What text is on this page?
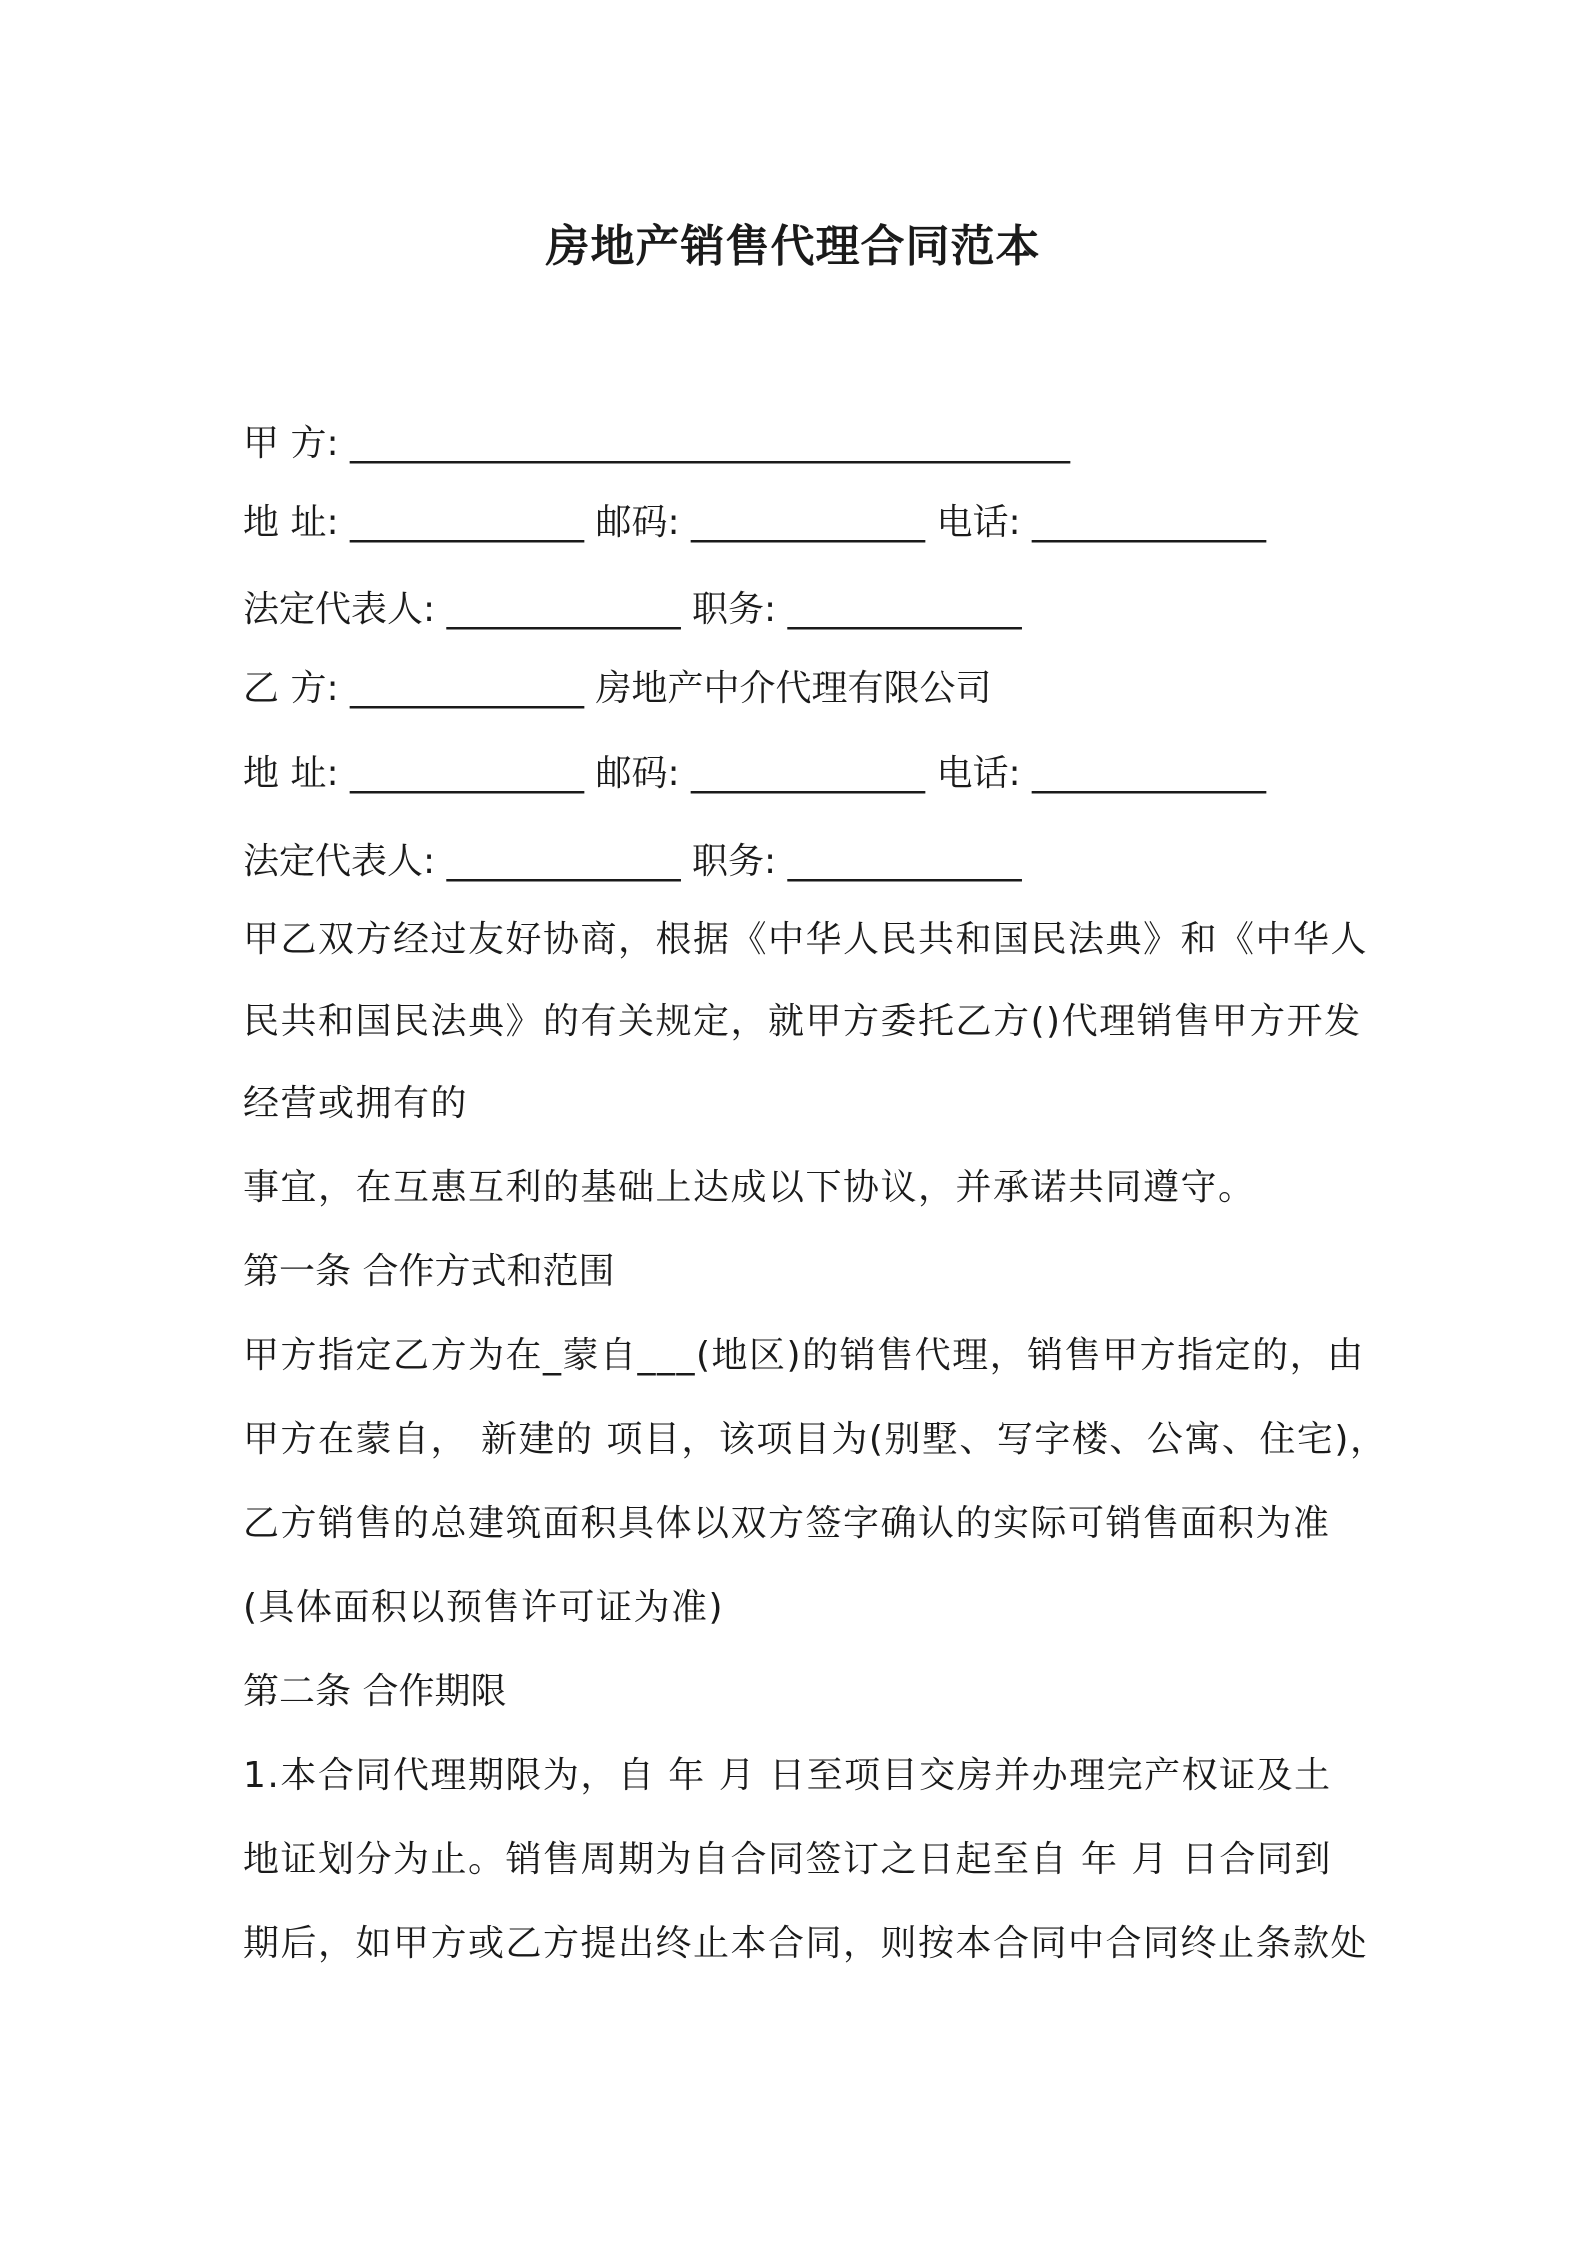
房地产销售代理合同范本
甲 方: ________________________________________
地 址: _____________ 邮码: _____________ 电话: _____________
法定代表人: _____________ 职务: _____________
乙 方: _____________ 房地产中介代理有限公司
地 址: _____________ 邮码: _____________ 电话: _____________
法定代表人: _____________ 职务: _____________
甲乙双方经过友好协商，根据《中华人民共和国民法典》和《中华人
民共和国民法典》的有关规定，就甲方委托乙方()代理销售甲方开发
经营或拥有的
事宜，在互惠互利的基础上达成以下协议，并承诺共同遵守。
第一条 合作方式和范围
甲方指定乙方为在_蒙自___(地区)的销售代理，销售甲方指定的，由
甲方在蒙自， 新建的 项目，该项目为(别墅、写字楼、公寓、住宅)，
乙方销售的总建筑面积具体以双方签字确认的实际可销售面积为准
(具体面积以预售许可证为准)
第二条 合作期限
1.本合同代理期限为，自 年 月 日至项目交房并办理完产权证及土
地证划分为止。销售周期为自合同签订之日起至自 年 月 日合同到
期后，如甲方或乙方提出终止本合同，则按本合同中合同终止条款处
